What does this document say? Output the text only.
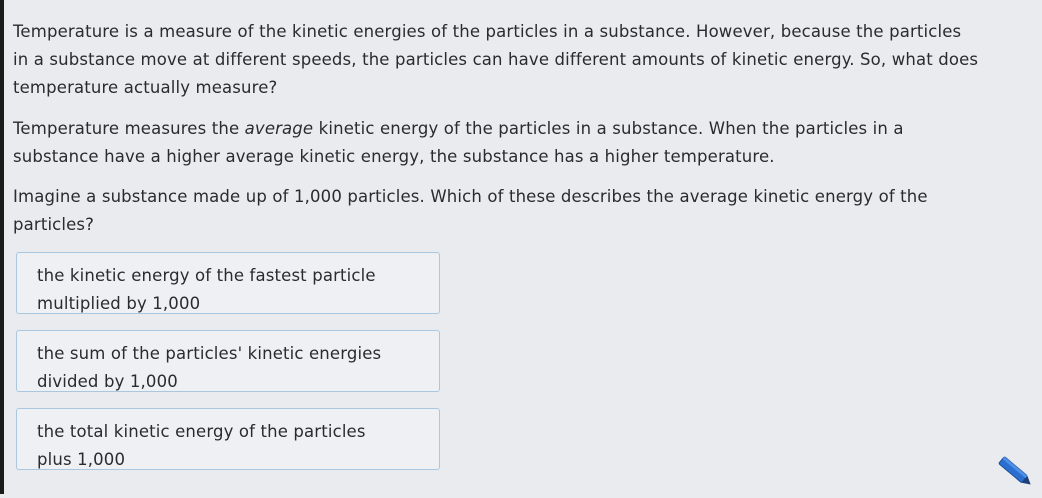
Temperature is a measure of the kinetic energies of the particles in a substance. However, because the particles

in a substance move at different speeds, the particles can have different amounts of kinetic energy. So, what does

temperature actually measure?

Temperature measures the average kinetic energy of the particles in a substance. When the particles in a

substance have a higher average kinetic energy, the substance has a higher temperature.

Imagine a substance made up of 1,000 particles. Which of these describes the average kinetic energy of the

particles?

the kinetic energy of the fastest particle
multiplied by 1,000
the sum of the particles' kinetic energies
divided by 1,000
the total kinetic energy of the particles
plus 1,000
